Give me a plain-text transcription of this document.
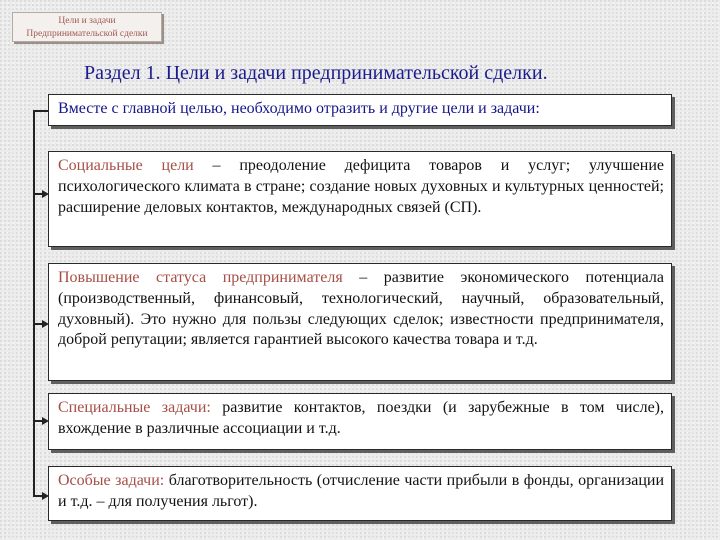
Цели и задачи
Предпринимательской сделки
Раздел 1. Цели и задачи предпринимательской сделки.
Вместе с главной целью, необходимо отразить и другие цели и задачи:
Социальные цели – преодоление дефицита товаров и услуг; улучшение психологического климата в стране; создание новых духовных и культурных ценностей; расширение деловых контактов, международных связей (СП).
Повышение статуса предпринимателя – развитие экономического потенциала (производственный, финансовый, технологический, научный, образовательный, духовный). Это нужно для пользы следующих сделок; известности предпринимателя, доброй репутации; является гарантией высокого качества товара и т.д.
Специальные задачи: развитие контактов, поездки (и зарубежные в том числе), вхождение в различные ассоциации и т.д.
Особые задачи: благотворительность (отчисление части прибыли в фонды, организации и т.д. – для получения льгот).
